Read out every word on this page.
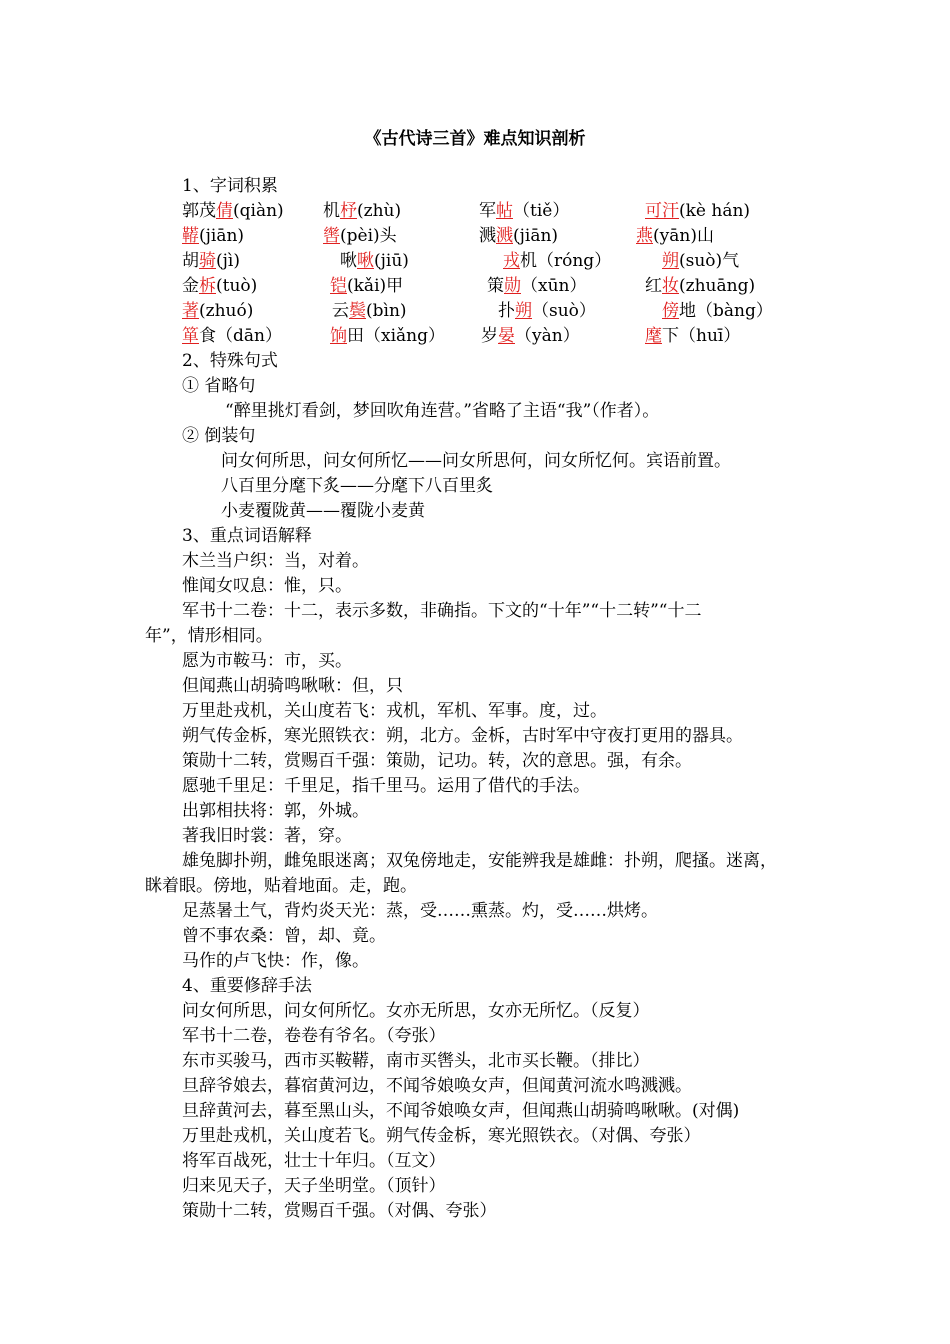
《古代诗三首》难点知识剖析
1、字词积累
郭茂倩(qiàn) 机杼(zhù)	军帖（tiě）	可汗(kè hán)
鞯(jiān)	辔(pèi)头	溅溅(jiān)	燕(yān)山
胡骑(jì)	啾啾(jiū)	戎机（róng）	朔(suò)气
金柝(tuò)	铠(kǎi)甲	策勋（xūn）	红妆(zhuāng)
著(zhuó)	云鬓(bìn)	扑朔（suò）	傍地（bàng）
箪食（dān）	饷田（xiǎng） 岁晏（yàn）	麾下（huī）
2、特殊句式
① 省略句
“醉里挑灯看剑，梦回吹角连营。”省略了主语“我”（作者）。
② 倒装句
问女何所思，问女何所忆——问女所思何，问女所忆何。宾语前置。
八百里分麾下炙——分麾下八百里炙
小麦覆陇黄——覆陇小麦黄
3、重点词语解释
木兰当户织：当，对着。
惟闻女叹息：惟，只。
军书十二卷：十二，表示多数，非确指。下文的“十年”“十二转”“十二
年”，情形相同。
愿为市鞍马：市，买。
但闻燕山胡骑鸣啾啾：但，只
万里赴戎机，关山度若飞：戎机，军机、军事。度，过。
朔气传金柝，寒光照铁衣：朔，北方。金柝，古时军中守夜打更用的器具。
策勋十二转，赏赐百千强：策勋，记功。转，次的意思。强，有余。
愿驰千里足：千里足，指千里马。运用了借代的手法。
出郭相扶将：郭，外城。
著我旧时裳：著，穿。
雄兔脚扑朔，雌兔眼迷离；双兔傍地走，安能辨我是雄雌：扑朔，爬搔。迷离，
眯着眼。傍地，贴着地面。走，跑。
足蒸暑土气，背灼炎天光：蒸，受……熏蒸。灼，受……烘烤。
曾不事农桑：曾，却、竟。
马作的卢飞快：作，像。
4、重要修辞手法
问女何所思，问女何所忆。女亦无所思，女亦无所忆。（反复）
军书十二卷，卷卷有爷名。（夸张）
东市买骏马，西市买鞍鞯，南市买辔头，北市买长鞭。（排比）
旦辞爷娘去，暮宿黄河边，不闻爷娘唤女声，但闻黄河流水鸣溅溅。
旦辞黄河去，暮至黑山头，不闻爷娘唤女声，但闻燕山胡骑鸣啾啾。(对偶)
万里赴戎机，关山度若飞。朔气传金柝，寒光照铁衣。（对偶、夸张）
将军百战死，壮士十年归。（互文）
归来见天子，天子坐明堂。（顶针）
策勋十二转，赏赐百千强。（对偶、夸张）
